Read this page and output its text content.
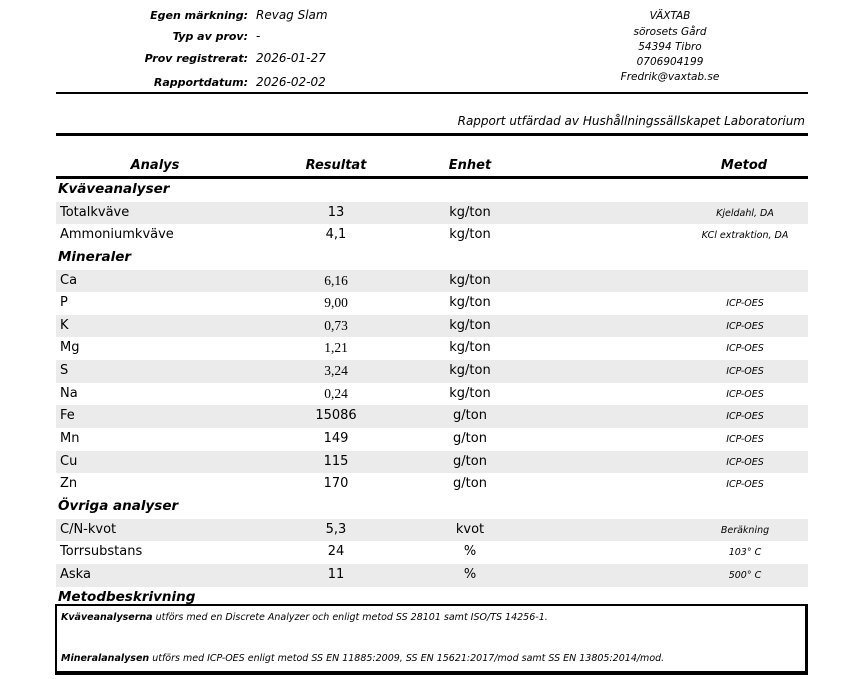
Egen märkning: Revag Slam
Typ av prov: -
Prov registrerat: 2026-01-27
Rapportdatum: 2026-02-02
VÄXTAB
sörosets Gård
54394 Tibro
0706904199
Fredrik@vaxtab.se
Rapport utfärdad av Hushållningssällskapet Laboratorium
Analys	Resultat	Enhet	Metod
Kväveanalyser
Totalkväve	13	kg/ton	Kjeldahl, DA
Ammoniumkväve	4,1	kg/ton	KCl extraktion, DA
Mineraler
Ca	6,16	kg/ton
P	9,00	kg/ton	ICP-OES
K	0,73	kg/ton	ICP-OES
Mg	1,21	kg/ton	ICP-OES
S	3,24	kg/ton	ICP-OES
Na	0,24	kg/ton	ICP-OES
Fe	15086	g/ton	ICP-OES
Mn	149	g/ton	ICP-OES
Cu	115	g/ton	ICP-OES
Zn	170	g/ton	ICP-OES
Övriga analyser
C/N-kvot	5,3	kvot	Beräkning
Torrsubstans	24	%	103° C
Aska	11	%	500° C
Metodbeskrivning
Kväveanalyserna utförs med en Discrete Analyzer och enligt metod SS 28101 samt ISO/TS 14256-1.
Mineralanalysen utförs med ICP-OES enligt metod SS EN 11885:2009, SS EN 15621:2017/mod samt SS EN 13805:2014/mod.
